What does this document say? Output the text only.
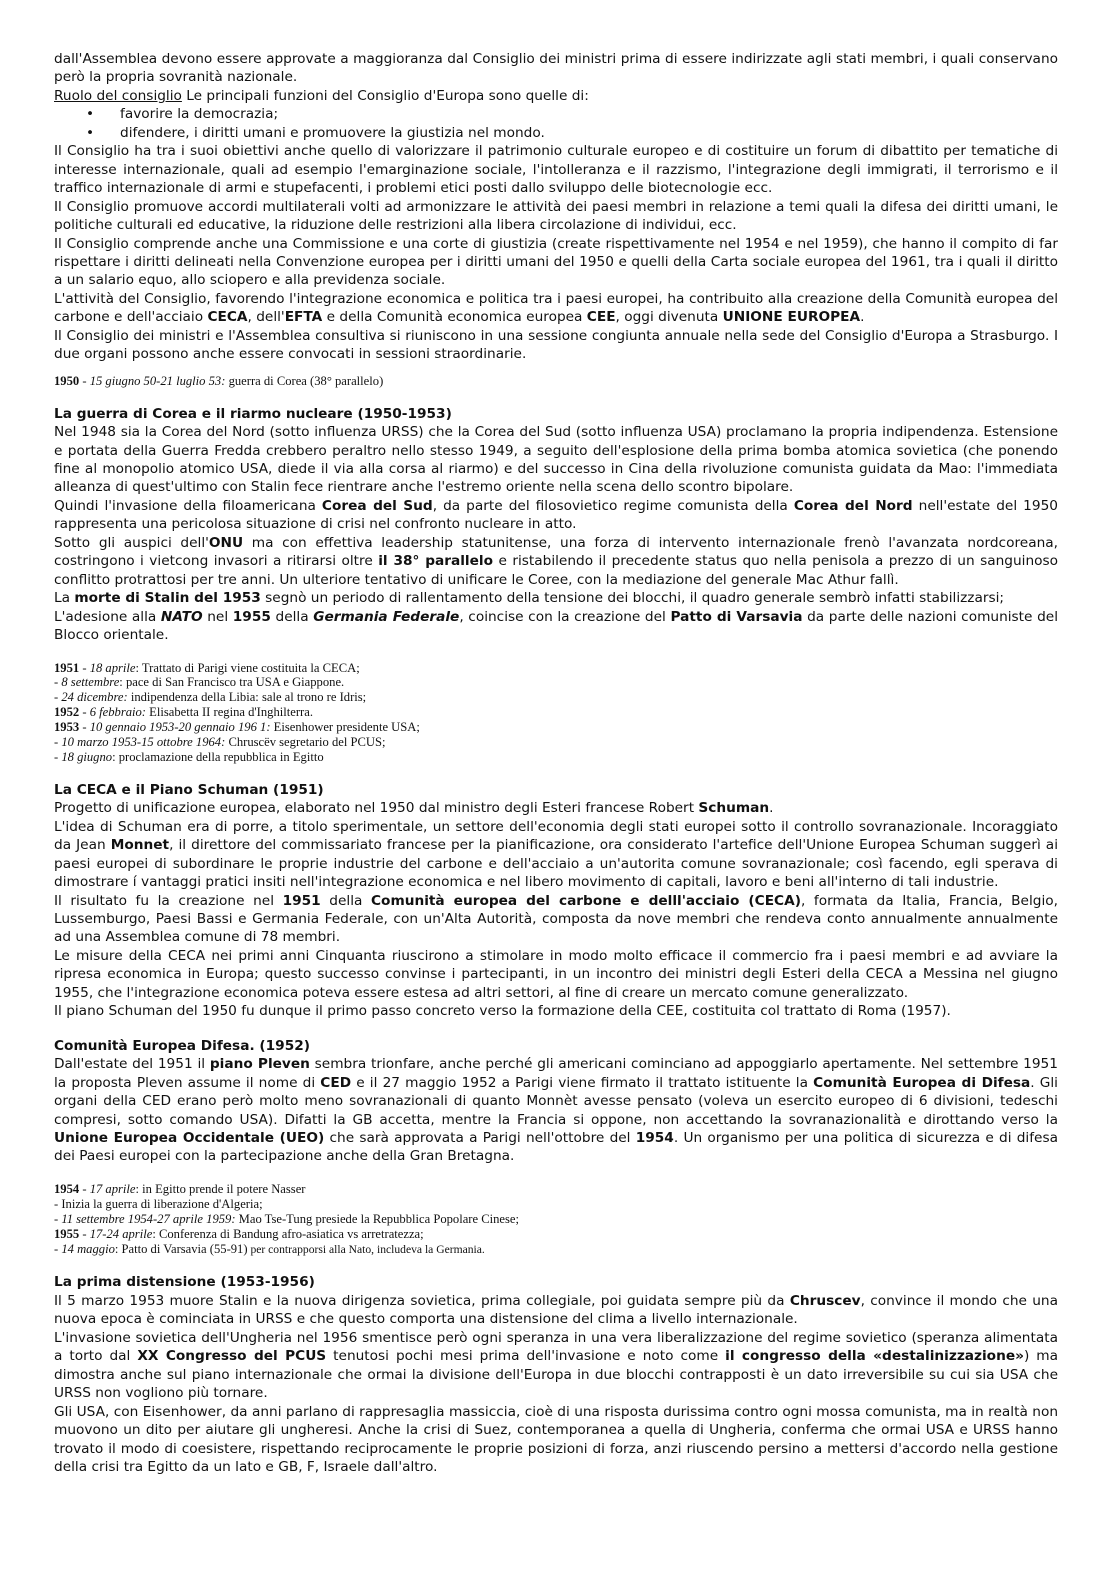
dall'Assemblea devono essere approvate a maggioranza dal Consiglio dei ministri prima di essere indirizzate agli stati membri, i quali conservano però la propria sovranità nazionale.

Ruolo del consiglio Le principali funzioni del Consiglio d'Europa sono quelle di:

• favorire la democrazia;
• difendere, i diritti umani e promuovere la giustizia nel mondo.

Il Consiglio ha tra i suoi obiettivi anche quello di valorizzare il patrimonio culturale europeo e di costituire un forum di dibattito per tematiche di interesse internazionale, quali ad esempio l'emarginazione sociale, l'intolleranza e il razzismo, l'integrazione degli immigrati, il terrorismo e il traffico internazionale di armi e stupefacenti, i problemi etici posti dallo sviluppo delle biotecnologie ecc.

Il Consiglio promuove accordi multilaterali volti ad armonizzare le attività dei paesi membri in relazione a temi quali la difesa dei diritti umani, le politiche culturali ed educative, la riduzione delle restrizioni alla libera circolazione di individui, ecc.

Il Consiglio comprende anche una Commissione e una corte di giustizia (create rispettivamente nel 1954 e nel 1959), che hanno il compito di far rispettare i diritti delineati nella Convenzione europea per i diritti umani del 1950 e quelli della Carta sociale europea del 1961, tra i quali il diritto a un salario equo, allo sciopero e alla previdenza sociale.

L'attività del Consiglio, favorendo l'integrazione economica e politica tra i paesi europei, ha contribuito alla creazione della Comunità europea del carbone e dell'acciaio CECA, dell'EFTA e della Comunità economica europea CEE, oggi divenuta UNIONE EUROPEA.

Il Consiglio dei ministri e l'Assemblea consultiva si riuniscono in una sessione congiunta annuale nella sede del Consiglio d'Europa a Strasburgo. I due organi possono anche essere convocati in sessioni straordinarie.

1950 - 15 giugno 50-21 luglio 53: guerra di Corea (38° parallelo)

La guerra di Corea e il riarmo nucleare (1950-1953)

Nel 1948 sia la Corea del Nord (sotto influenza URSS) che la Corea del Sud (sotto influenza USA) proclamano la propria indipendenza. Estensione e portata della Guerra Fredda crebbero peraltro nello stesso 1949, a seguito dell'esplosione della prima bomba atomica sovietica (che ponendo fine al monopolio atomico USA, diede il via alla corsa al riarmo) e del successo in Cina della rivoluzione comunista guidata da Mao: l'immediata alleanza di quest'ultimo con Stalin fece rientrare anche l'estremo oriente nella scena dello scontro bipolare.

Quindi l'invasione della filoamericana Corea del Sud, da parte del filosovietico regime comunista della Corea del Nord nell'estate del 1950 rappresenta una pericolosa situazione di crisi nel confronto nucleare in atto.

Sotto gli auspici dell'ONU ma con effettiva leadership statunitense, una forza di intervento internazionale frenò l'avanzata nordcoreana, costringono i vietcong invasori a ritirarsi oltre il 38° parallelo e ristabilendo il precedente status quo nella penisola a prezzo di un sanguinoso conflitto protrattosi per tre anni. Un ulteriore tentativo di unificare le Coree, con la mediazione del generale Mac Athur fallì.

La morte di Stalin del 1953 segnò un periodo di rallentamento della tensione dei blocchi, il quadro generale sembrò infatti stabilizzarsi;

L'adesione alla NATO nel 1955 della Germania Federale, coincise con la creazione del Patto di Varsavia da parte delle nazioni comuniste del Blocco orientale.

1951 - 18 aprile: Trattato di Parigi viene costituita la CECA;

- 8 settembre: pace di San Francisco tra USA e Giappone.

- 24 dicembre: indipendenza della Libia: sale al trono re Idris;

1952 - 6 febbraio: Elisabetta II regina d'Inghilterra.

1953 - 10 gennaio 1953-20 gennaio 196 1: Eisenhower presidente USA;

- 10 marzo 1953-15 ottobre 1964: Chruscëv segretario del PCUS;

- 18 giugno: proclamazione della repubblica in Egitto

La CECA e il Piano Schuman (1951)

Progetto di unificazione europea, elaborato nel 1950 dal ministro degli Esteri francese Robert Schuman.

L'idea di Schuman era di porre, a titolo sperimentale, un settore dell'economia degli stati europei sotto il controllo sovranazionale. Incoraggiato da Jean Monnet, il direttore del commissariato francese per la pianificazione, ora considerato l'artefice dell'Unione Europea Schuman suggerì ai paesi europei di subordinare le proprie industrie del carbone e dell'acciaio a un'autorita comune sovranazionale; così facendo, egli sperava di dimostrare í vantaggi pratici insiti nell'integrazione economica e nel libero movimento di capitali, lavoro e beni all'interno di tali industrie.

Il risultato fu la creazione nel 1951 della Comunità europea del carbone e delll'acciaio (CECA), formata da Italia, Francia, Belgio, Lussemburgo, Paesi Bassi e Germania Federale, con un'Alta Autorità, composta da nove membri che rendeva conto annualmente annualmente ad una Assemblea comune di 78 membri.

Le misure della CECA nei primi anni Cinquanta riuscirono a stimolare in modo molto efficace il commercio fra i paesi membri e ad avviare la ripresa economica in Europa; questo successo convinse i partecipanti, in un incontro dei ministri degli Esteri della CECA a Messina nel giugno 1955, che l'integrazione economica poteva essere estesa ad altri settori, al fine di creare un mercato comune generalizzato.

Il piano Schuman del 1950 fu dunque il primo passo concreto verso la formazione della CEE, costituita col trattato di Roma (1957).

Comunità Europea Difesa. (1952)

Dall'estate del 1951 il piano Pleven sembra trionfare, anche perché gli americani cominciano ad appoggiarlo apertamente. Nel settembre 1951 la proposta Pleven assume il nome di CED e il 27 maggio 1952 a Parigi viene firmato il trattato istituente la Comunità Europea di Difesa. Gli organi della CED erano però molto meno sovranazionali di quanto Monnèt avesse pensato (voleva un esercito europeo di 6 divisioni, tedeschi compresi, sotto comando USA). Difatti la GB accetta, mentre la Francia si oppone, non accettando la sovranazionalità e dirottando verso la Unione Europea Occidentale (UEO) che sarà approvata a Parigi nell'ottobre del 1954. Un organismo per una politica di sicurezza e di difesa dei Paesi europei con la partecipazione anche della Gran Bretagna.

1954 - 17 aprile: in Egitto prende il potere Nasser

- Inizia la guerra di liberazione d'Algeria;

- 11 settembre 1954-27 aprile 1959: Mao Tse-Tung presiede la Repubblica Popolare Cinese;

1955 - 17-24 aprile: Conferenza di Bandung afro-asiatica vs arretratezza;

- 14 maggio: Patto di Varsavia (55-91) per contrapporsi alla Nato, includeva la Germania.

La prima distensione (1953-1956)

Il 5 marzo 1953 muore Stalin e la nuova dirigenza sovietica, prima collegiale, poi guidata sempre più da Chruscev, convince il mondo che una nuova epoca è cominciata in URSS e che questo comporta una distensione del clima a livello internazionale.

L'invasione sovietica dell'Ungheria nel 1956 smentisce però ogni speranza in una vera liberalizzazione del regime sovietico (speranza alimentata a torto dal XX Congresso del PCUS tenutosi pochi mesi prima dell'invasione e noto come il congresso della «destalinizzazione») ma dimostra anche sul piano internazionale che ormai la divisione dell'Europa in due blocchi contrapposti è un dato irreversibile su cui sia USA che URSS non vogliono più tornare.

Gli USA, con Eisenhower, da anni parlano di rappresaglia massiccia, cioè di una risposta durissima contro ogni mossa comunista, ma in realtà non muovono un dito per aiutare gli ungheresi. Anche la crisi di Suez, contemporanea a quella di Ungheria, conferma che ormai USA e URSS hanno trovato il modo di coesistere, rispettando reciprocamente le proprie posizioni di forza, anzi riuscendo persino a mettersi d'accordo nella gestione della crisi tra Egitto da un lato e GB, F, Israele dall'altro.
